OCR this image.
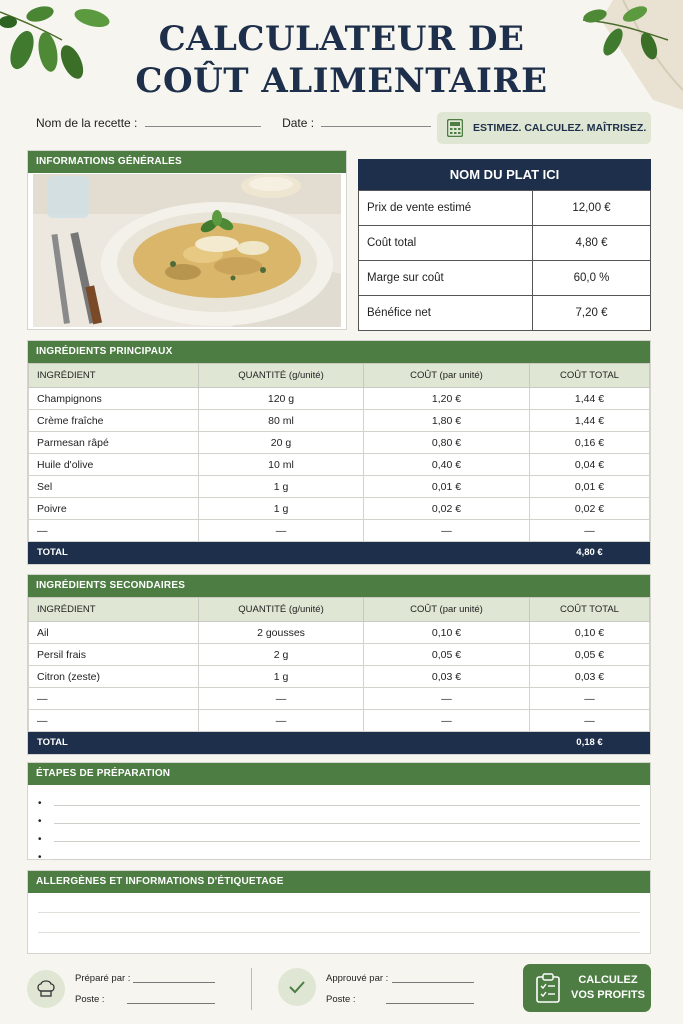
CALCULATEUR DE
COÛT ALIMENTAIRE
Nom de la recette :	Date :	ESTIMEZ. CALCULEZ. MAÎTRISEZ.
INFORMATIONS GÉNÉRALES
NOM DU PLAT ICI
Prix de vente estimé	12,00 €
Coût total	4,80 €
Marge sur coût	60,0 %
Bénéfice net	7,20 €
INGRÉDIENTS PRINCIPAUX
INGRÉDIENT	QUANTITÉ (g/unité)	COÛT (par unité)	COÛT TOTAL
Champignons	120 g	1,20 €	1,44 €
Crème fraîche	80 ml	1,80 €	1,44 €
Parmesan râpé	20 g	0,80 €	0,16 €
Huile d'olive	10 ml	0,40 €	0,04 €
Sel	1 g	0,01 €	0,01 €
Poivre	1 g	0,02 €	0,02 €
—	—	—	—
TOTAL			4,80 €
INGRÉDIENTS SECONDAIRES
INGRÉDIENT	QUANTITÉ (g/unité)	COÛT (par unité)	COÛT TOTAL
Ail	2 gousses	0,10 €	0,10 €
Persil frais	2 g	0,05 €	0,05 €
Citron (zeste)	1 g	0,03 €	0,03 €
—	—	—	—
—	—	—	—
TOTAL			0,18 €
ÉTAPES DE PRÉPARATION
•
•
•
•
ALLERGÈNES ET INFORMATIONS D'ÉTIQUETAGE
Préparé par :
Poste :
Approuvé par :
Poste :
CALCULEZ
VOS PROFITS
